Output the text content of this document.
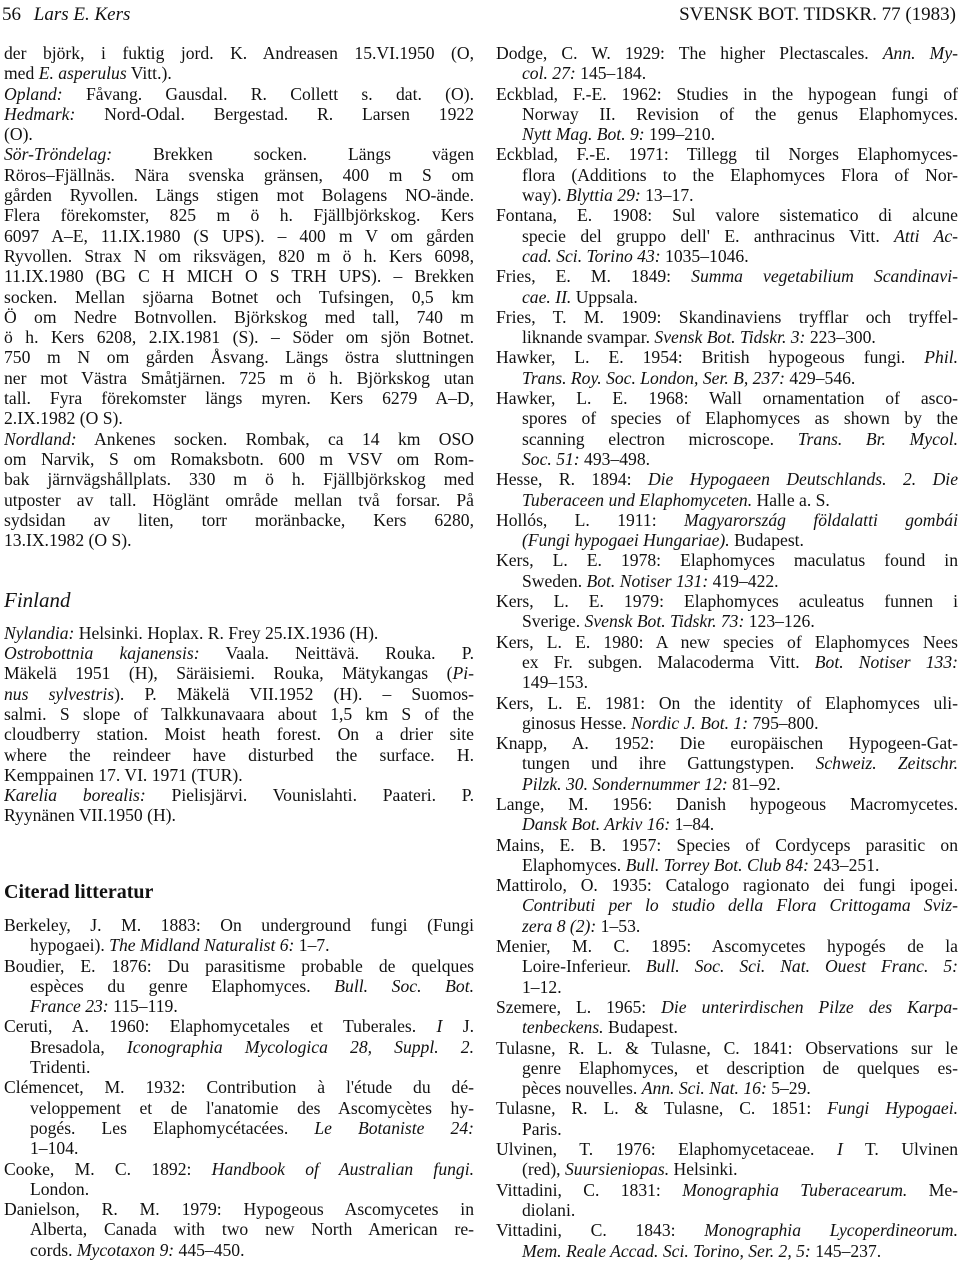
56 Lars E. Kers	SVENSK BOT. TIDSKR. 77 (1983)
der björk, i fuktig jord. K. Andreasen 15.VI.1950 (O,
med E. asperulus Vitt.).
Opland: Fåvang. Gausdal. R. Collett s. dat. (O).
Hedmark: Nord-Odal. Bergestad. R. Larsen 1922
(O).
Sör-Tröndelag: Brekken socken. Längs vägen
Röros–Fjällnäs. Nära svenska gränsen, 400 m S om
gården Ryvollen. Längs stigen mot Bolagens NO-ände.
Flera förekomster, 825 m ö h. Fjällbjörkskog. Kers
6097 A–E, 11.IX.1980 (S UPS). – 400 m V om gården
Ryvollen. Strax N om riksvägen, 820 m ö h. Kers 6098,
11.IX.1980 (BG C H MICH O S TRH UPS). – Brekken
socken. Mellan sjöarna Botnet och Tufsingen, 0,5 km
Ö om Nedre Botnvollen. Björkskog med tall, 740 m
ö h. Kers 6208, 2.IX.1981 (S). – Söder om sjön Botnet.
750 m N om gården Åsvang. Längs östra sluttningen
ner mot Västra Småtjärnen. 725 m ö h. Björkskog utan
tall. Fyra förekomster längs myren. Kers 6279 A–D,
2.IX.1982 (O S).
Nordland: Ankenes socken. Rombak, ca 14 km OSO
om Narvik, S om Romaksbotn. 600 m VSV om Rom-
bak järnvägshållplats. 330 m ö h. Fjällbjörkskog med
utposter av tall. Höglänt område mellan två forsar. På
sydsidan av liten, torr moränbacke, Kers 6280,
13.IX.1982 (O S).
Finland
Nylandia: Helsinki. Hoplax. R. Frey 25.IX.1936 (H).
Ostrobottnia kajanensis: Vaala. Neittävä. Rouka. P.
Mäkelä 1951 (H), Säräisiemi. Rouka, Mätykangas (Pi-
nus sylvestris). P. Mäkelä VII.1952 (H). – Suomos-
salmi. S slope of Talkkunavaara about 1,5 km S of the
cloudberry station. Moist heath forest. On a drier site
where the reindeer have disturbed the surface. H.
Kemppainen 17. VI. 1971 (TUR).
Karelia borealis: Pielisjärvi. Vounislahti. Paateri. P.
Ryynänen VII.1950 (H).
Citerad litteratur
Berkeley, J. M. 1883: On underground fungi (Fungi
hypogaei). The Midland Naturalist 6: 1–7.
Boudier, E. 1876: Du parasitisme probable de quelques
espèces du genre Elaphomyces. Bull. Soc. Bot.
France 23: 115–119.
Ceruti, A. 1960: Elaphomycetales et Tuberales. I J.
Bresadola, Iconographia Mycologica 28, Suppl. 2.
Tridenti.
Clémencet, M. 1932: Contribution à l'étude du dé-
veloppement et de l'anatomie des Ascomycètes hy-
pogés. Les Elaphomycétacées. Le Botaniste 24:
1–104.
Cooke, M. C. 1892: Handbook of Australian fungi.
London.
Danielson, R. M. 1979: Hypogeous Ascomycetes in
Alberta, Canada with two new North American re-
cords. Mycotaxon 9: 445–450.
Dodge, C. W. 1929: The higher Plectascales. Ann. My-
col. 27: 145–184.
Eckblad, F.-E. 1962: Studies in the hypogean fungi of
Norway II. Revision of the genus Elaphomyces.
Nytt Mag. Bot. 9: 199–210.
Eckblad, F.-E. 1971: Tillegg til Norges Elaphomyces-
flora (Additions to the Elaphomyces Flora of Nor-
way). Blyttia 29: 13–17.
Fontana, E. 1908: Sul valore sistematico di alcune
specie del gruppo dell' E. anthracinus Vitt. Atti Ac-
cad. Sci. Torino 43: 1035–1046.
Fries, E. M. 1849: Summa vegetabilium Scandinavi-
cae. II. Uppsala.
Fries, T. M. 1909: Skandinaviens tryfflar och tryffel-
liknande svampar. Svensk Bot. Tidskr. 3: 223–300.
Hawker, L. E. 1954: British hypogeous fungi. Phil.
Trans. Roy. Soc. London, Ser. B, 237: 429–546.
Hawker, L. E. 1968: Wall ornamentation of asco-
spores of species of Elaphomyces as shown by the
scanning electron microscope. Trans. Br. Mycol.
Soc. 51: 493–498.
Hesse, R. 1894: Die Hypogaeen Deutschlands. 2. Die
Tuberaceen und Elaphomyceten. Halle a. S.
Hollós, L. 1911: Magyarország földalatti gombái
(Fungi hypogaei Hungariae). Budapest.
Kers, L. E. 1978: Elaphomyces maculatus found in
Sweden. Bot. Notiser 131: 419–422.
Kers, L. E. 1979: Elaphomyces aculeatus funnen i
Sverige. Svensk Bot. Tidskr. 73: 123–126.
Kers, L. E. 1980: A new species of Elaphomyces Nees
ex Fr. subgen. Malacoderma Vitt. Bot. Notiser 133:
149–153.
Kers, L. E. 1981: On the identity of Elaphomyces uli-
ginosus Hesse. Nordic J. Bot. 1: 795–800.
Knapp, A. 1952: Die europäischen Hypogeen-Gat-
tungen und ihre Gattungstypen. Schweiz. Zeitschr.
Pilzk. 30. Sondernummer 12: 81–92.
Lange, M. 1956: Danish hypogeous Macromycetes.
Dansk Bot. Arkiv 16: 1–84.
Mains, E. B. 1957: Species of Cordyceps parasitic on
Elaphomyces. Bull. Torrey Bot. Club 84: 243–251.
Mattirolo, O. 1935: Catalogo ragionato dei fungi ipogei.
Contributi per lo studio della Flora Crittogama Sviz-
zera 8 (2): 1–53.
Menier, M. C. 1895: Ascomycetes hypogés de la
Loire-Inferieur. Bull. Soc. Sci. Nat. Ouest Franc. 5:
1–12.
Szemere, L. 1965: Die unterirdischen Pilze des Karpa-
tenbeckens. Budapest.
Tulasne, R. L. & Tulasne, C. 1841: Observations sur le
genre Elaphomyces, et description de quelques es-
pèces nouvelles. Ann. Sci. Nat. 16: 5–29.
Tulasne, R. L. & Tulasne, C. 1851: Fungi Hypogaei.
Paris.
Ulvinen, T. 1976: Elaphomycetaceae. I T. Ulvinen
(red), Suursieniopas. Helsinki.
Vittadini, C. 1831: Monographia Tuberacearum. Me-
diolani.
Vittadini, C. 1843: Monographia Lycoperdineorum.
Mem. Reale Accad. Sci. Torino, Ser. 2, 5: 145–237.
